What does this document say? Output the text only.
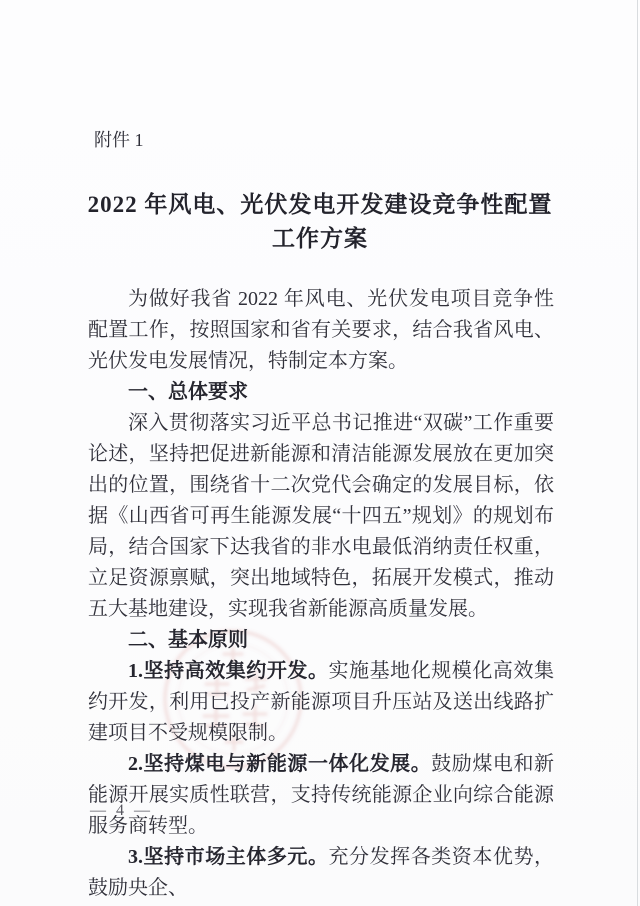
附件 1
2022 年风电、光伏发电开发建设竞争性配置
工作方案

为做好我省 2022 年风电、光伏发电项目竞争性配置工作，按照国家和省有关要求，结合我省风电、光伏发电发展情况，特制定本方案。

一、总体要求

深入贯彻落实习近平总书记推进“双碳”工作重要论述，坚持把促进新能源和清洁能源发展放在更加突出的位置，围绕省十二次党代会确定的发展目标，依据《山西省可再生能源发展“十四五”规划》的规划布局，结合国家下达我省的非水电最低消纳责任权重，立足资源禀赋，突出地域特色，拓展开发模式，推动五大基地建设，实现我省新能源高质量发展。

二、基本原则

1.坚持高效集约开发。实施基地化规模化高效集约开发，利用已投产新能源项目升压站及送出线路扩建项目不受规模限制。

2.坚持煤电与新能源一体化发展。鼓励煤电和新能源开展实质性联营，支持传统能源企业向综合能源服务商转型。

3.坚持市场主体多元。充分发挥各类资本优势，鼓励央企、

— 4 —
